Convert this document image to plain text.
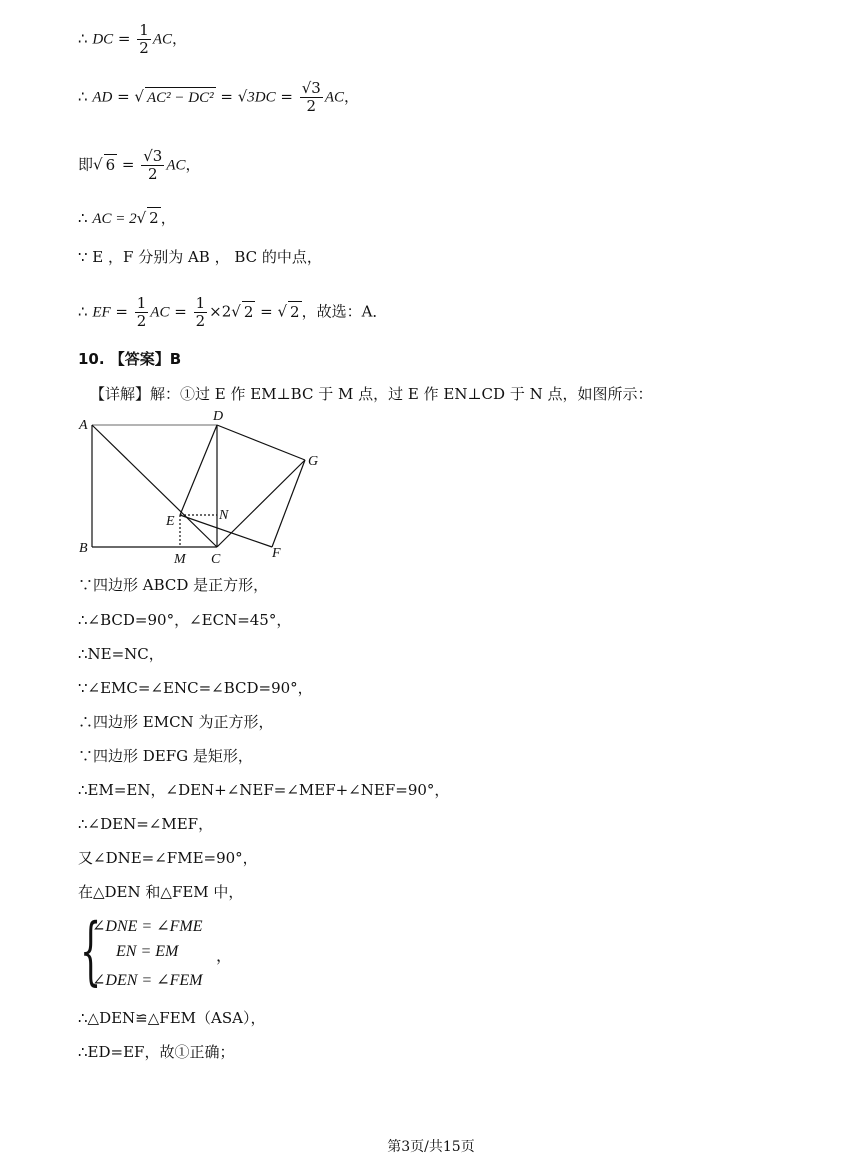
∴ DC = $\frac{1}{2}$ AC，
∴ AD = √ $AC^2 - DC^2 = √3DC = \frac{√3}{2}$ AC，
即√ $6 = \frac{√3}{2}$ AC，
∴ AC = 2√ 2 ，
∵ E ，F 分别为 AB ， BC 的中点，
∴ EF = $\frac{1}{2}$ AC = $\frac{1}{2} \times 2√$ 2 = √ 2 ，故选：A．
10. 【答案】B
【详解】解：①过 E 作 EM⊥BC 于 M 点，过 E 作 EN⊥CD 于 N 点，如图所示：
A
D
G
E	N
B
M C	F
∵四边形 ABCD 是正方形，
∴∠BCD=90°，∠ECN=45°，
∴NE=NC，
∵∠EMC=∠ENC=∠BCD=90°，
∴四边形 EMCN 为正方形，
∵四边形 DEFG 是矩形，
∴EM=EN，∠DEN+∠NEF=∠MEF+∠NEF=90°，
∴∠DEN=∠MEF，
又∠DNE=∠FME=90°，
在△DEN 和△FEM 中，
{
∠DNE = ∠FME
EN = EM ，
∠DEN = ∠FEM
∴△DEN≌△FEM（ASA），
∴ED=EF，故①正确；
第3页/共15页
